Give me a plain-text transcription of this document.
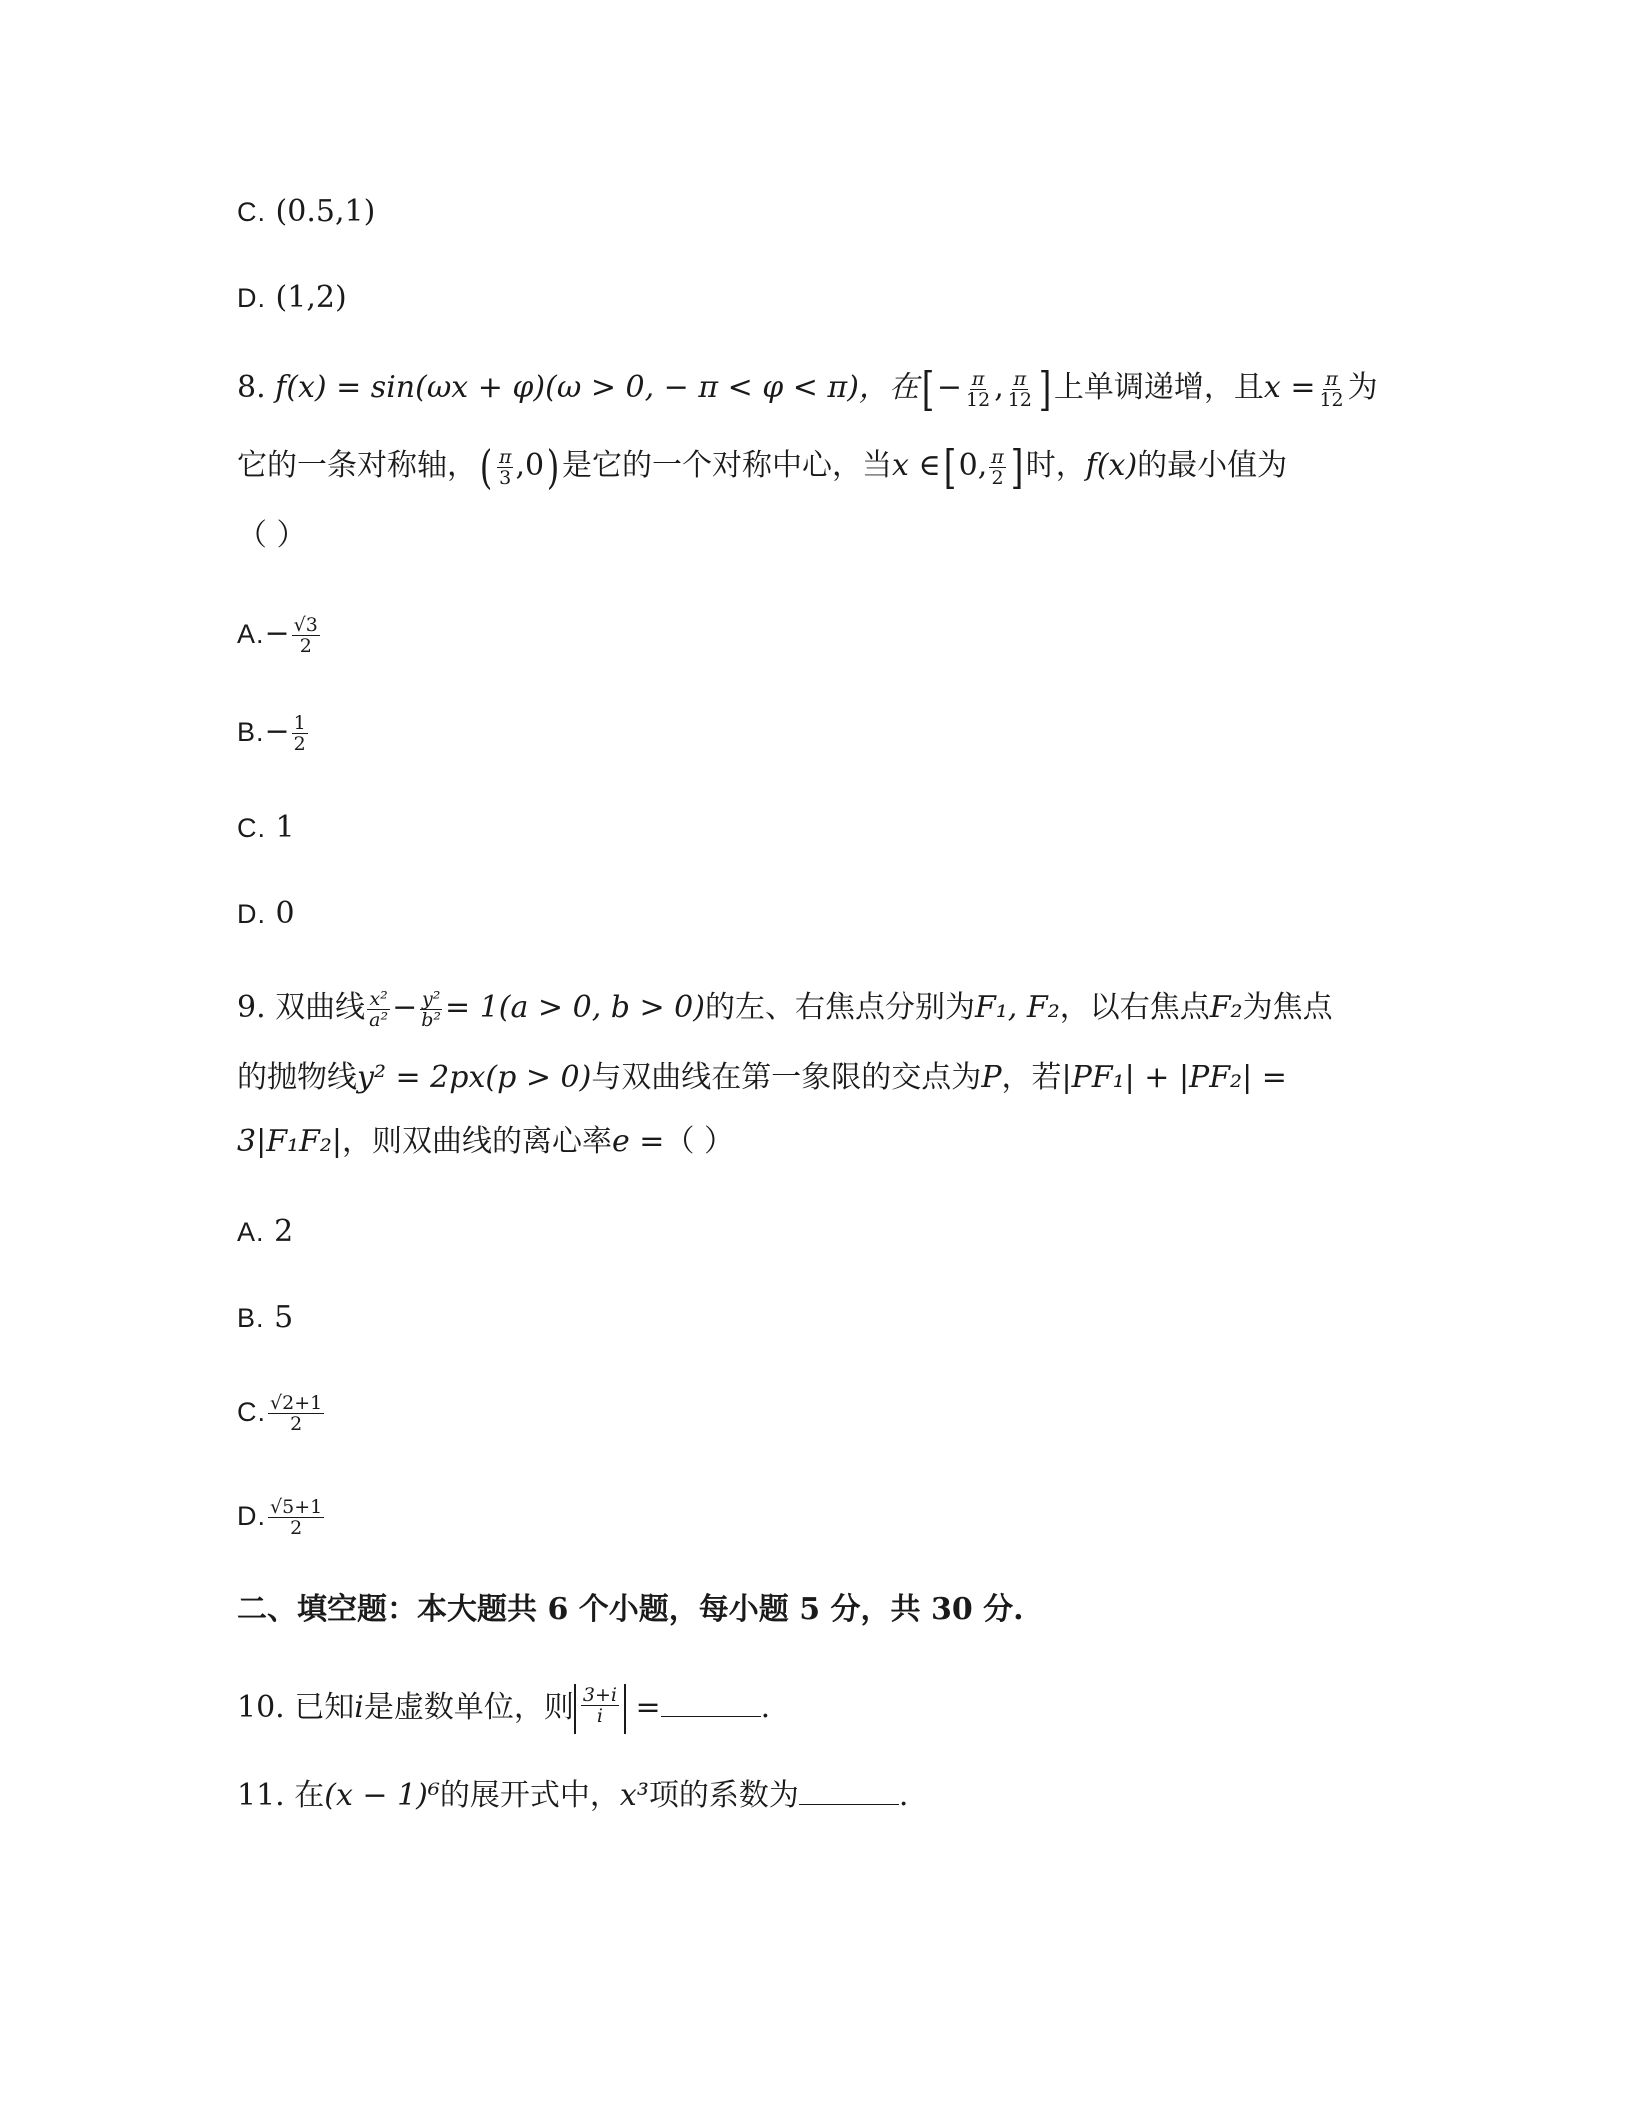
C. (0.5,1)
D. (1,2)
8. f(x) = sin(ωx + φ)(ω > 0, − π < φ < π)，在[− $\frac{\pi}{12}$ , $\frac{\pi}{12}$ ]上单调递增，且$x = \frac{\pi}{12}$ 为
它的一条对称轴，( $\frac{\pi}{3} ,0$)是它的一个对称中心，当x ∈[0, $\frac{\pi}{2}$ ]时，f(x)的最小值为
（ ）
$A.- \frac{√3}{2}$
$B.- \frac{1}{2}$
C. 1
D. 0
9. 双曲线 $\frac{\text{x²}}{\text{a²}} - \frac{\text{y²}}{\text{b²}} = 1(a > 0$, b > 0)的左、右焦点分别为F₁, F₂，以右焦点F₂为焦点
的抛物线y² = 2px(p > 0)与双曲线在第一象限的交点为P，若|PF₁| + |PF₂| =
3|F₁F₂|，则双曲线的离心率e =（ ）
A. 2
B. 5
C. $\frac{√2+1}{2}$
D. $\frac{√5+1}{2}$
二、填空题：本大题共 6 个小题，每小题 5 分，共 30 分.
10. 已知i是虚数单位，则 $\frac{3+i}{i}$ =	.
11. 在(x − 1)⁶的展开式中，x³项的系数为	.
